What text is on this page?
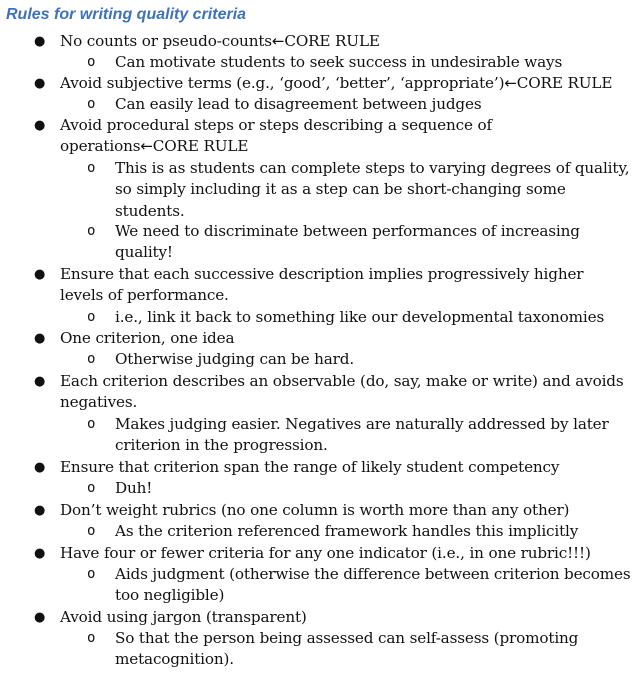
Rules for writing quality criteria
● No counts or pseudo-counts←CORE RULE
o Can motivate students to seek success in undesirable ways
● Avoid subjective terms (e.g., ‘good’, ‘better’, ‘appropriate’)←CORE RULE
o Can easily lead to disagreement between judges
● Avoid procedural steps or steps describing a sequence of operations←CORE RULE
o This is as students can complete steps to varying degrees of quality, so simply including it as a step can be short-changing some students.
o We need to discriminate between performances of increasing quality!
● Ensure that each successive description implies progressively higher levels of performance.
o i.e., link it back to something like our developmental taxonomies
● One criterion, one idea
o Otherwise judging can be hard.
● Each criterion describes an observable (do, say, make or write) and avoids negatives.
o Makes judging easier. Negatives are naturally addressed by later criterion in the progression.
● Ensure that criterion span the range of likely student competency
o Duh!
● Don’t weight rubrics (no one column is worth more than any other)
o As the criterion referenced framework handles this implicitly
● Have four or fewer criteria for any one indicator (i.e., in one rubric!!!)
o Aids judgment (otherwise the difference between criterion becomes too negligible)
● Avoid using jargon (transparent)
o So that the person being assessed can self-assess (promoting metacognition).
